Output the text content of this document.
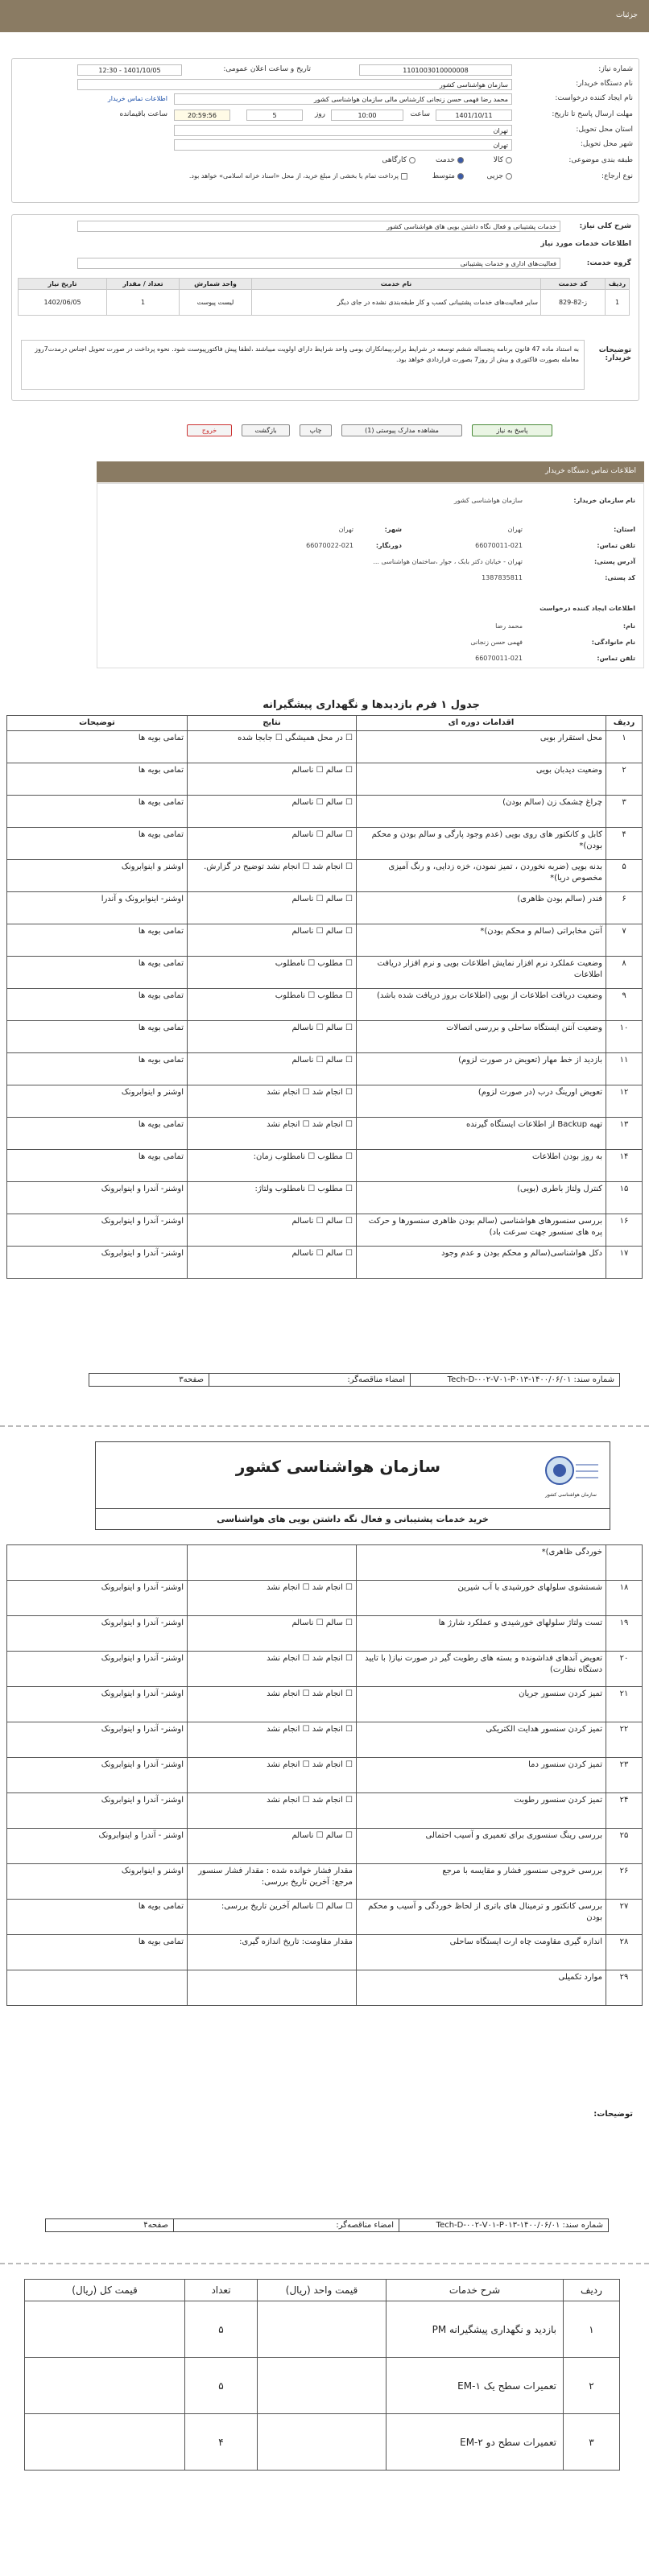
جزئیات
شماره نیاز:
1101003010000008
تاریخ و ساعت اعلان عمومی:
1401/10/05 - 12:30
نام دستگاه خریدار:
سازمان هواشناسی کشور
نام ایجاد کننده درخواست:
محمد رضا فهمی حسن زنجانی کارشناس مالی سازمان هواشناسی کشور
اطلاعات تماس خریدار
مهلت ارسال پاسخ تا تاریخ:
1401/10/11
ساعت
10:00
روز
5
20:59:56
ساعت باقیمانده
استان محل تحویل:
تهران
شهر محل تحویل:
تهران
طبقه بندی موضوعی:
کالا
خدمت
کارگاهی
نوع ارجاع:
جزیی
متوسط
پرداخت تمام یا بخشی از مبلغ خرید، از محل «اسناد خزانه اسلامی» خواهد بود.
شرح کلی نیاز:
خدمات پشتیبانی و فعال نگاه داشتن بویی های هواشناسی کشور
اطلاعات خدمات مورد نیاز
گروه خدمت:
فعالیت‌های اداری و خدمات پشتیبانی
ردیف	کد خدمت	نام خدمت	واحد شمارش	تعداد / مقدار	تاریخ نیاز
1	ز-82-829	سایر فعالیت‌های خدمات پشتیبانی کسب و کار طبقه‌بندی نشده در جای دیگر	لیست پیوست	1	1402/06/05
توضیحات خریدار:
به استناد ماده 47 قانون برنامه پنجساله ششم توسعه در شرایط برابر،پیمانکاران بومی واحد شرایط دارای اولویت میباشند ،لطفا پیش فاکتورپیوست شود. نحوه پرداخت در صورت تحویل اجناس درمدت7روز معامله بصورت فاکتوری و بیش از روز7 بصورت قراردادی خواهد بود.
پاسخ به نیاز
مشاهده مدارک پیوستی (1)
چاپ
بازگشت
خروج
اطلاعات تماس دستگاه خریدار
نام سازمان خریدار:
سازمان هواشناسی کشور
استان:
تهران
شهر:
تهران
تلفن تماس:
66070011-021
دورنگار:
66070022-021
آدرس پستی:
تهران - خیابان دکتر بابک ، جوار ،ساختمان هواشناسی ...
کد پستی:
1387835811
اطلاعات ایجاد کننده درخواست
نام:
محمد رضا
نام خانوادگی:
فهمی حسن زنجانی
تلفن تماس:
66070011-021
جدول ۱ فرم بازدیدها و نگهداری پیشگیرانه
ردیف	اقدامات دوره ای	نتایج	توضیحات
۱	محل استقرار بویی	☐ در محل همیشگی ☐ جابجا شده	تمامی بویه ها
۲	وضعیت دیدبان بویی	☐ سالم ☐ ناسالم	تمامی بویه ها
۳	چراغ چشمک زن (سالم بودن)	☐ سالم ☐ ناسالم	تمامی بویه ها
۴	کابل و کانکتور های روی بویی (عدم وجود پارگی و سالم بودن و محکم بودن)*	☐ سالم ☐ ناسالم	تمامی بویه ها
۵	بدنه بویی (ضربه نخوردن ، تمیز نمودن، خزه زدایی، و رنگ آمیزی مخصوص دریا)*	☐ انجام شد ☐ انجام نشد توضیح در گزارش.	اوشنر و اینوابرونک
۶	فندر (سالم بودن ظاهری)	☐ سالم ☐ ناسالم	اوشنر- اینوابرونک و آندرا
۷	آنتن مخابراتی (سالم و محکم بودن)*	☐ سالم ☐ ناسالم	تمامی بویه ها
۸	وضعیت عملکرد نرم افزار نمایش اطلاعات بویی و نرم افزار دریافت اطلاعات	☐ مطلوب ☐ نامطلوب	تمامی بویه ها
۹	وضعیت دریافت اطلاعات از بویی (اطلاعات بروز دریافت شده باشد)	☐ مطلوب ☐ نامطلوب	تمامی بویه ها
۱۰	وضعیت آنتن ایستگاه ساحلی و بررسی اتصالات	☐ سالم ☐ ناسالم	تمامی بویه ها
۱۱	بازدید از خط مهار (تعویض در صورت لزوم)	☐ سالم ☐ ناسالم	تمامی بویه ها
۱۲	تعویض اورینگ درب (در صورت لزوم)	☐ انجام شد ☐ انجام نشد	اوشنر و اینوابرونک
۱۳	تهیه Backup از اطلاعات ایستگاه گیرنده	☐ انجام شد ☐ انجام نشد	تمامی بویه ها
۱۴	به روز بودن اطلاعات	☐ مطلوب ☐ نامطلوب زمان:	تمامی بویه ها
۱۵	کنترل ولتاژ باطری (بویی)	☐ مطلوب ☐ نامطلوب ولتاژ:	اوشنر- آندرا و اینوابرونک
۱۶	بررسی سنسورهای هواشناسی (سالم بودن ظاهری سنسورها و حرکت پره های سنسور جهت سرعت باد)	☐ سالم ☐ ناسالم	اوشنر- آندرا و اینوابرونک
۱۷	دکل هواشناسی(سالم و محکم بودن و عدم وجود	☐ سالم ☐ ناسالم	اوشنر- آندرا و اینوابرونک
شماره سند: Tech-D-۰۰۲-V۰۱-P۰۱۳-۱۴۰۰/۰۶/۰۱	امضاء مناقصه‌گر:	صفحه۳
سازمان هواشناسی کشور
سازمان هواشناسی کشور
خرید خدمات پشتیبانی و فعال نگه داشتن بویی های هواشناسی
	خوردگی ظاهری)*		
۱۸	شستشوی سلولهای خورشیدی با آب شیرین	☐ انجام شد ☐ انجام نشد	اوشنر- آندرا و اینوابرونک
۱۹	تست ولتاژ سلولهای خورشیدی و عملکرد شارژ ها	☐ سالم ☐ ناسالم	اوشنر- آندرا و اینوابرونک
۲۰	تعویض آندهای فداشونده و بسته های رطوبت گیر در صورت نیاز( با تایید دستگاه نظارت)	☐ انجام شد ☐ انجام نشد	اوشنر- آندرا و اینوابرونک
۲۱	تمیز کردن سنسور جریان	☐ انجام شد ☐ انجام نشد	اوشنر- آندرا و اینوابرونک
۲۲	تمیز کردن سنسور هدایت الکتریکی	☐ انجام شد ☐ انجام نشد	اوشنر- آندرا و اینوابرونک
۲۳	تمیز کردن سنسور دما	☐ انجام شد ☐ انجام نشد	اوشنر- آندرا و اینوابرونک
۲۴	تمیز کردن سنسور رطوبت	☐ انجام شد ☐ انجام نشد	اوشنر- آندرا و اینوابرونک
۲۵	بررسی رینگ سنسوری برای تعمیری و آسیب احتمالی	☐ سالم ☐ ناسالم	اوشنر - آندرا و اینوابرونک
۲۶	بررسی خروجی سنسور فشار و مقایسه با مرجع	مقدار فشار خوانده شده : مقدار فشار سنسور مرجع: آخرین تاریخ بررسی:	اوشنر و اینوابرونک
۲۷	بررسی کانکتور و ترمینال های باتری از لحاظ خوردگی و آسیب و محکم بودن	☐ سالم ☐ ناسالم آخرین تاریخ بررسی:	تمامی بویه ها
۲۸	اندازه گیری مقاومت چاه ارت ایستگاه ساحلی	مقدار مقاومت: تاریخ اندازه گیری:	تمامی بویه ها
۲۹	موارد تکمیلی		
توضیحات:
شماره سند: Tech-D-۰۰۲-V۰۱-P۰۱۳-۱۴۰۰/۰۶/۰۱	امضاء مناقصه‌گر:	صفحه۴
ردیف	شرح خدمات	قیمت واحد (ریال)	تعداد	قیمت کل (ریال)
۱	بازدید و نگهداری پیشگیرانه PM		۵	
۲	تعمیرات سطح یک EM-۱		۵	
۳	تعمیرات سطح دو EM-۲		۴	
